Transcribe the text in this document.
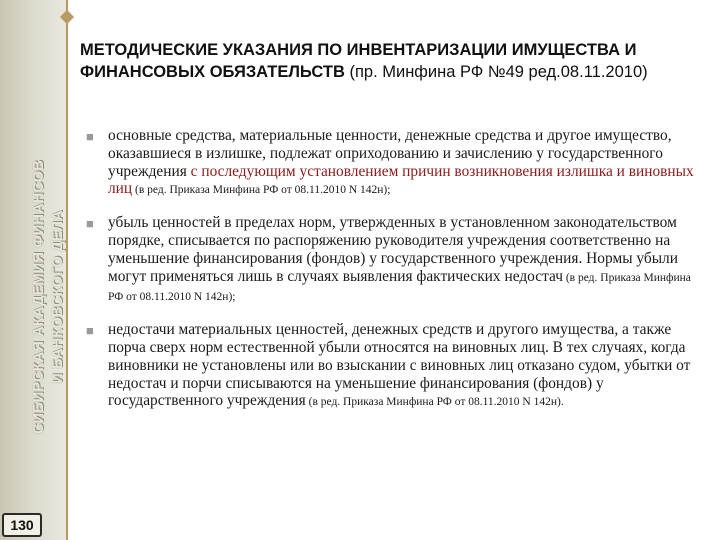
СИБИРСКАЯ АКАДЕМИЯ ФИНАНСОВ И БАНКОВСКОГО ДЕЛА
130
МЕТОДИЧЕСКИЕ УКАЗАНИЯ ПО ИНВЕНТАРИЗАЦИИ ИМУЩЕСТВА И ФИНАНСОВЫХ ОБЯЗАТЕЛЬСТВ (пр. Минфина РФ №49 ред.08.11.2010)
■ основные средства, материальные ценности, денежные средства и другое имущество, оказавшиеся в излишке, подлежат оприходованию и зачислению у государственного учреждения с последующим установлением причин возникновения излишка и виновных лиц (в ред. Приказа Минфина РФ от 08.11.2010 N 142н);
■ убыль ценностей в пределах норм, утвержденных в установленном законодательством порядке, списывается по распоряжению руководителя учреждения соответственно на уменьшение финансирования (фондов) у государственного учреждения. Нормы убыли могут применяться лишь в случаях выявления фактических недостач (в ред. Приказа Минфина РФ от 08.11.2010 N 142н);
■ недостачи материальных ценностей, денежных средств и другого имущества, а также порча сверх норм естественной убыли относятся на виновных лиц. В тех случаях, когда виновники не установлены или во взыскании с виновных лиц отказано судом, убытки от недостач и порчи списываются на уменьшение финансирования (фондов) у государственного учреждения (в ред. Приказа Минфина РФ от 08.11.2010 N 142н).
